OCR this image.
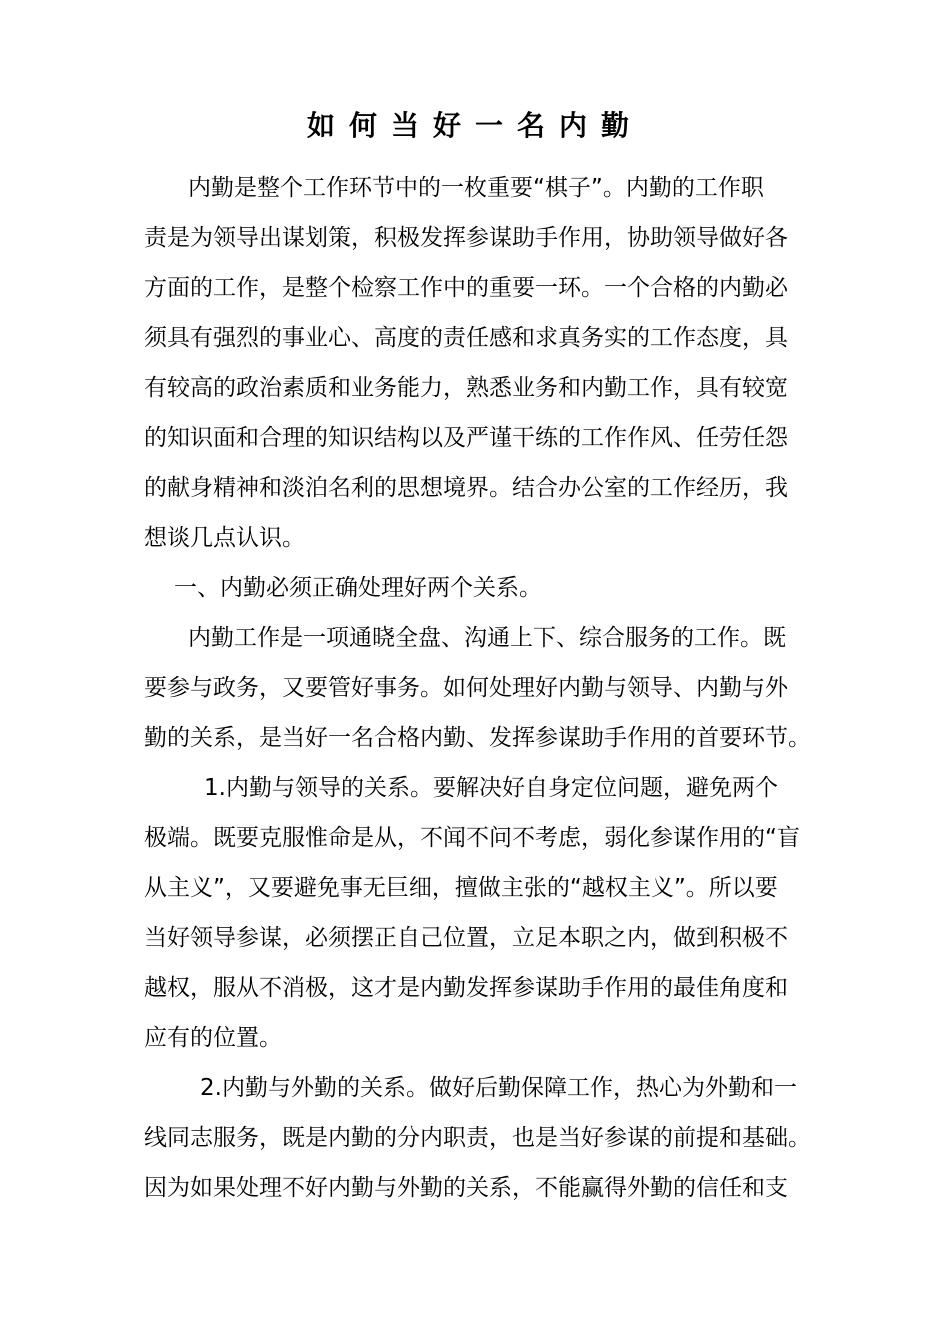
如何当好一名内勤

内勤是整个工作环节中的一枚重要“棋子”。内勤的工作职

责是为领导出谋划策，积极发挥参谋助手作用，协助领导做好各

方面的工作，是整个检察工作中的重要一环。一个合格的内勤必

须具有强烈的事业心、高度的责任感和求真务实的工作态度，具

有较高的政治素质和业务能力，熟悉业务和内勤工作，具有较宽

的知识面和合理的知识结构以及严谨干练的工作作风、任劳任怨

的献身精神和淡泊名利的思想境界。结合办公室的工作经历，我

想谈几点认识。

一、内勤必须正确处理好两个关系。

内勤工作是一项通晓全盘、沟通上下、综合服务的工作。既

要参与政务，又要管好事务。如何处理好内勤与领导、内勤与外

勤的关系，是当好一名合格内勤、发挥参谋助手作用的首要环节。

1.内勤与领导的关系。要解决好自身定位问题，避免两个

极端。既要克服惟命是从，不闻不问不考虑，弱化参谋作用的“盲

从主义”，又要避免事无巨细，擅做主张的“越权主义”。所以要

当好领导参谋，必须摆正自己位置，立足本职之内，做到积极不

越权，服从不消极，这才是内勤发挥参谋助手作用的最佳角度和

应有的位置。

2.内勤与外勤的关系。做好后勤保障工作，热心为外勤和一

线同志服务，既是内勤的分内职责，也是当好参谋的前提和基础。

因为如果处理不好内勤与外勤的关系，不能赢得外勤的信任和支
